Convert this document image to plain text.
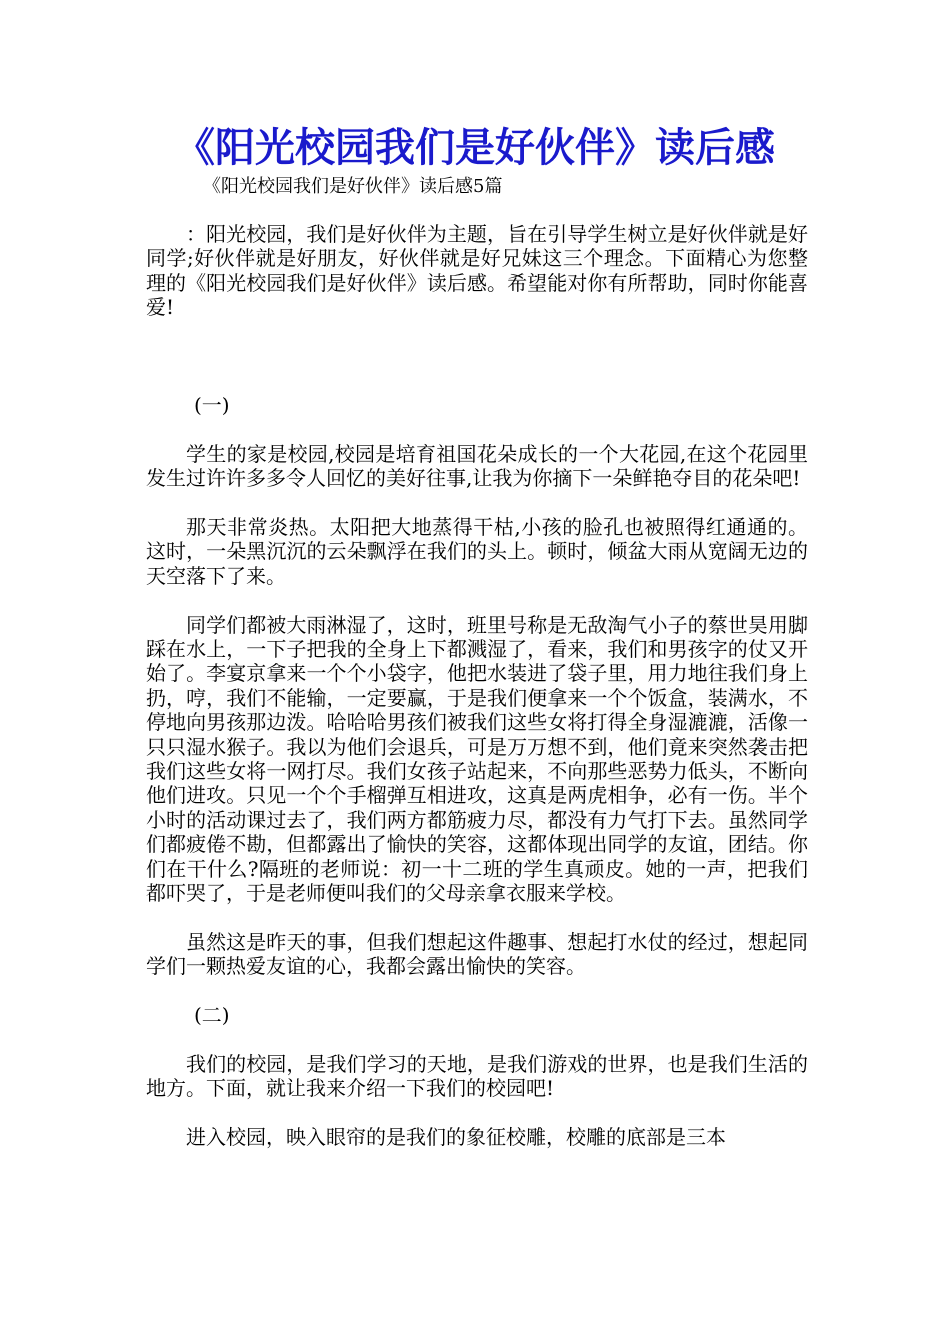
《阳光校园我们是好伙伴》读后感
《阳光校园我们是好伙伴》读后感5篇

：阳光校园，我们是好伙伴为主题，旨在引导学生树立是好伙伴就是好同学;好伙伴就是好朋友，好伙伴就是好兄妹这三个理念。下面精心为您整理的《阳光校园我们是好伙伴》读后感。希望能对你有所帮助，同时你能喜爱!

(一)

学生的家是校园,校园是培育祖国花朵成长的一个大花园,在这个花园里发生过许许多多令人回忆的美好往事,让我为你摘下一朵鲜艳夺目的花朵吧!

那天非常炎热。太阳把大地蒸得干枯,小孩的脸孔也被照得红通通的。这时，一朵黑沉沉的云朵飘浮在我们的头上。顿时，倾盆大雨从宽阔无边的天空落下了来。

同学们都被大雨淋湿了，这时，班里号称是无敌淘气小子的蔡世昊用脚踩在水上，一下子把我的全身上下都溅湿了，看来，我们和男孩字的仗又开始了。李宴京拿来一个个小袋字，他把水装进了袋子里，用力地往我们身上扔，哼，我们不能输，一定要赢，于是我们便拿来一个个饭盒，装满水，不停地向男孩那边泼。哈哈哈男孩们被我们这些女将打得全身湿漉漉，活像一只只湿水猴子。我以为他们会退兵，可是万万想不到，他们竟来突然袭击把我们这些女将一网打尽。我们女孩子站起来，不向那些恶势力低头，不断向他们进攻。只见一个个手榴弹互相进攻，这真是两虎相争，必有一伤。半个小时的活动课过去了，我们两方都筋疲力尽，都没有力气打下去。虽然同学们都疲倦不勘，但都露出了愉快的笑容，这都体现出同学的友谊，团结。你们在干什么?隔班的老师说：初一十二班的学生真顽皮。她的一声，把我们都吓哭了，于是老师便叫我们的父母亲拿衣服来学校。

虽然这是昨天的事，但我们想起这件趣事、想起打水仗的经过，想起同学们一颗热爱友谊的心，我都会露出愉快的笑容。

(二)

我们的校园，是我们学习的天地，是我们游戏的世界，也是我们生活的地方。下面，就让我来介绍一下我们的校园吧!

进入校园，映入眼帘的是我们的象征校雕，校雕的底部是三本
